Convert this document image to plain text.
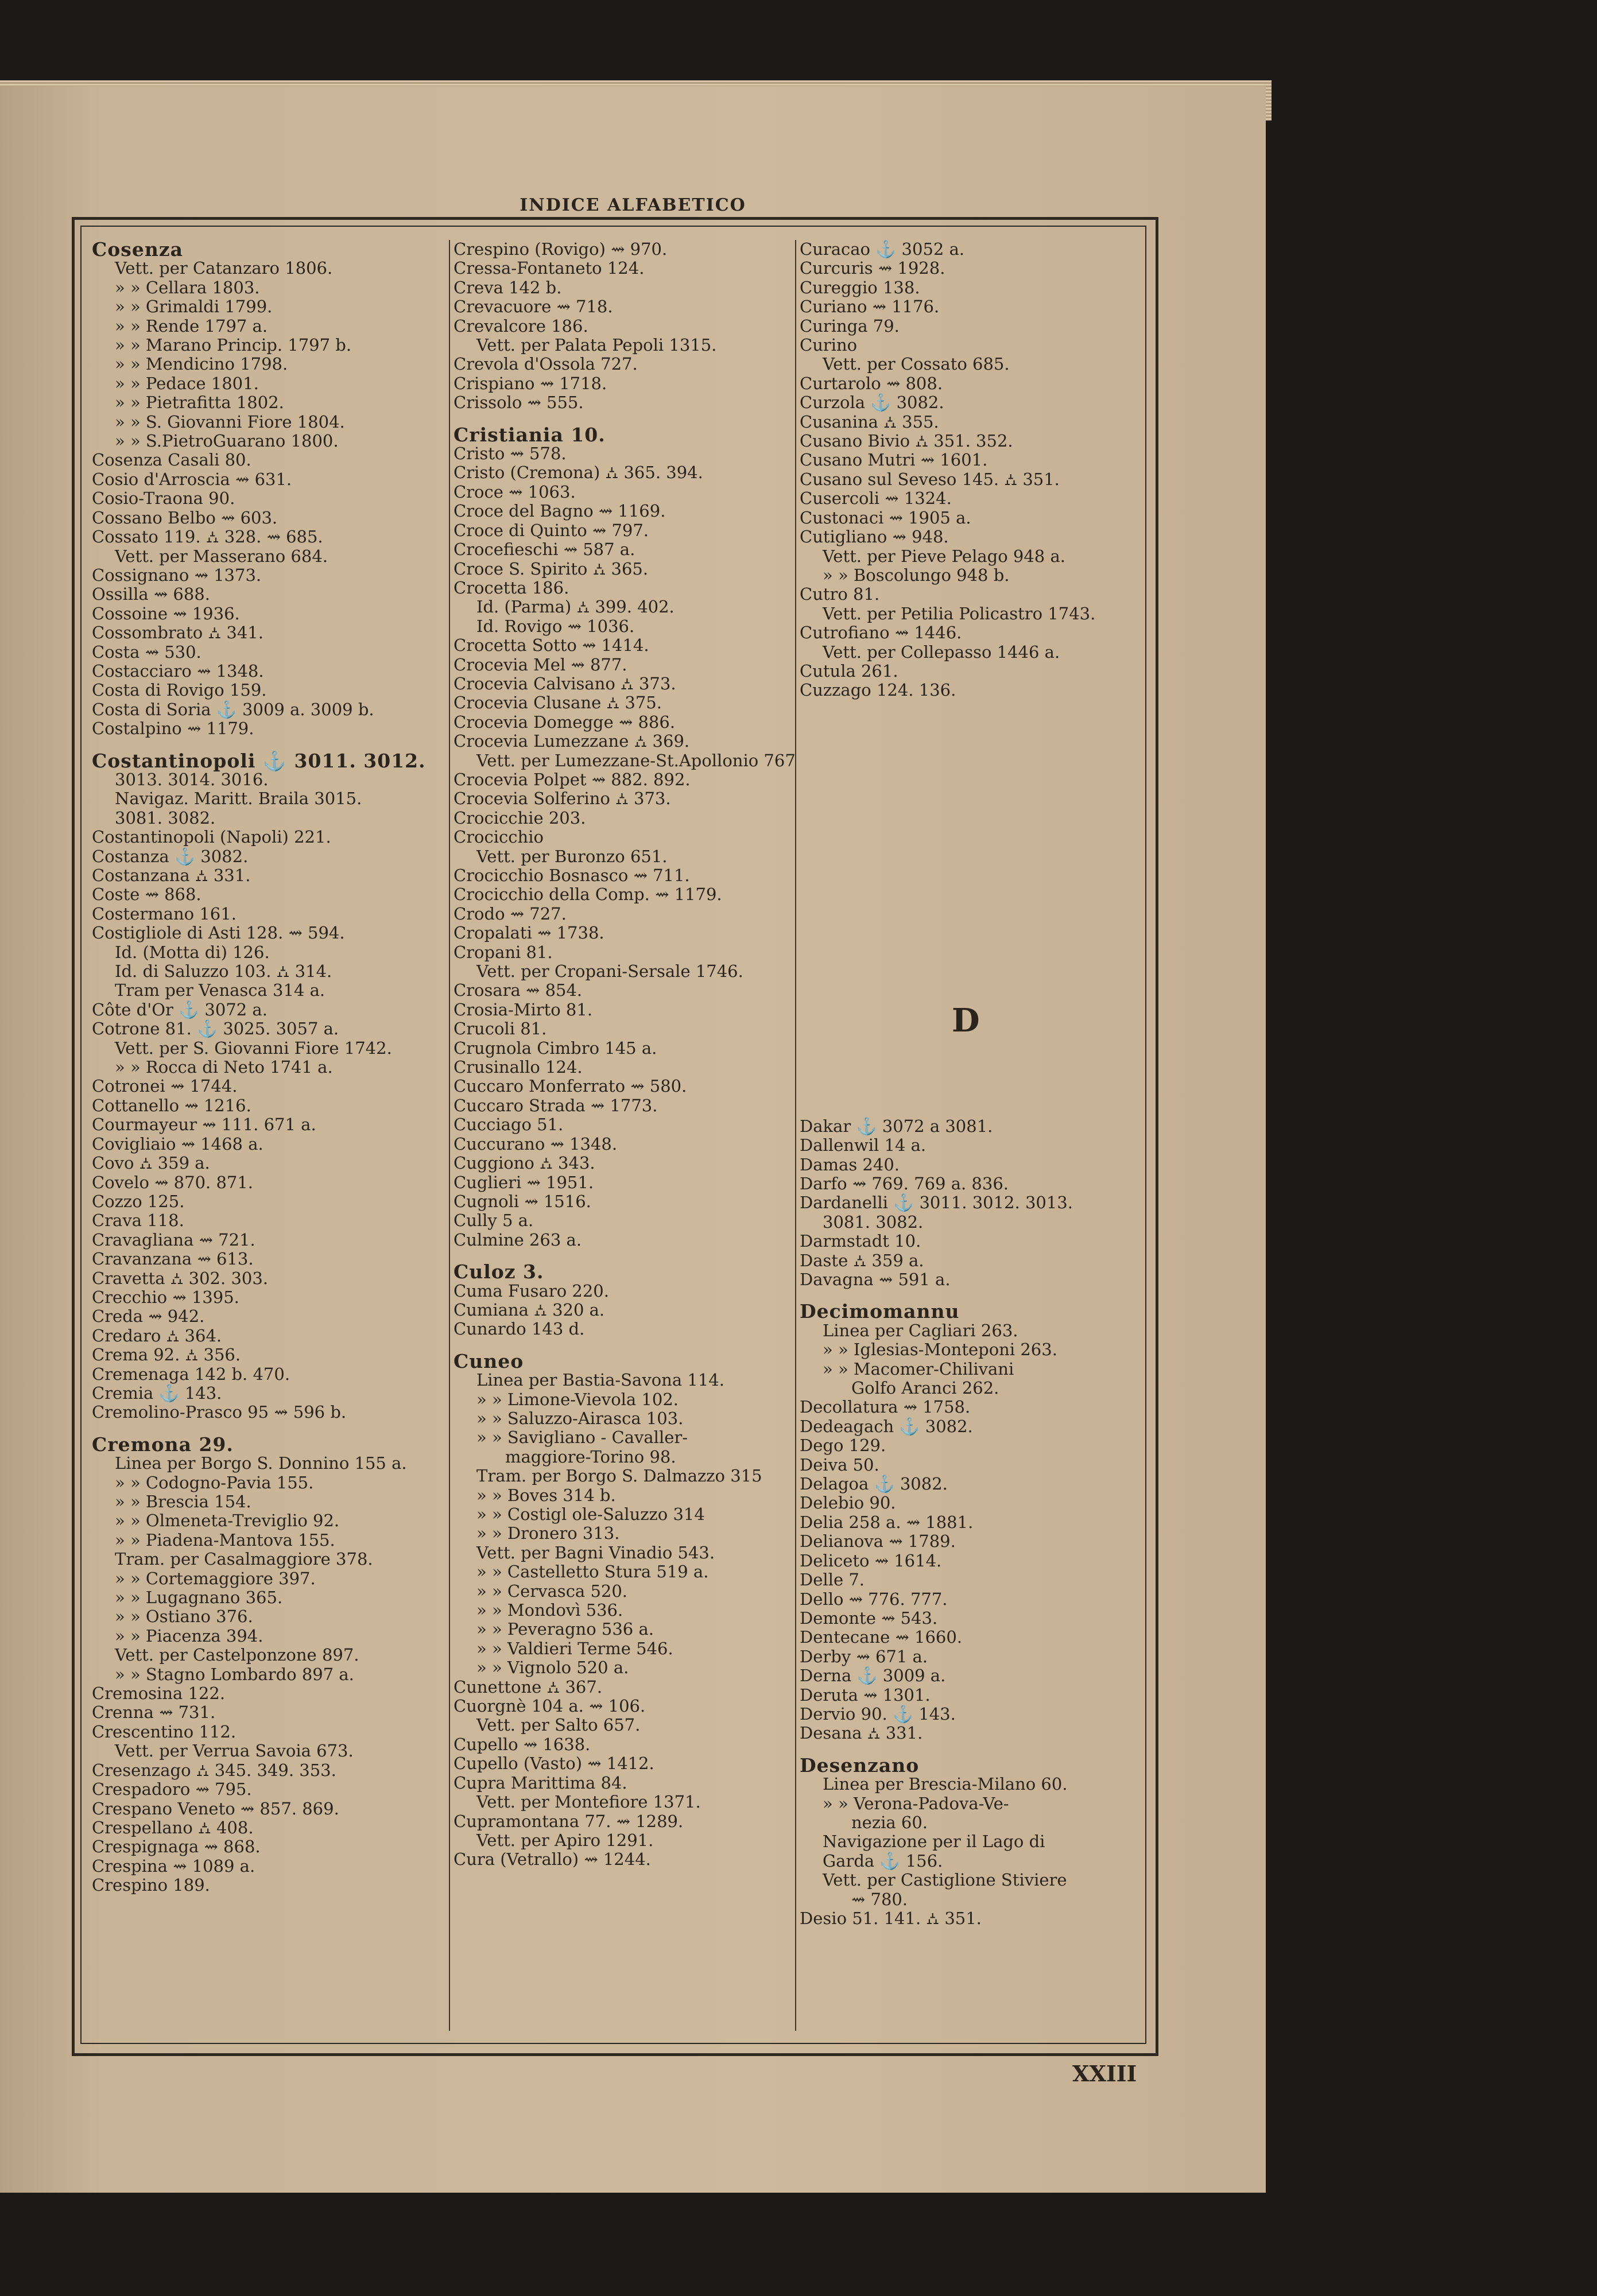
INDICE ALFABETICO
Cosenza
Vett. per Catanzaro 1806.
» » Cellara 1803.
» » Grimaldi 1799.
» » Rende 1797 a.
» » Marano Princip. 1797 b.
» » Mendicino 1798.
» » Pedace 1801.
» » Pietrafitta 1802.
» » S. Giovanni Fiore 1804.
» » S.PietroGuarano 1800.
Cosenza Casali 80.
Cosio d'Arroscia ⇝ 631.
Cosio-Traona 90.
Cossano Belbo ⇝ 603.
Cossato 119. ⛼ 328. ⇝ 685.
Vett. per Masserano 684.
Cossignano ⇝ 1373.
Ossilla ⇝ 688.
Cossoine ⇝ 1936.
Cossombrato ⛼ 341.
Costa ⇝ 530.
Costacciaro ⇝ 1348.
Costa di Rovigo 159.
Costa di Soria ⚓ 3009 a. 3009 b.
Costalpino ⇝ 1179.
Costantinopoli ⚓ 3011. 3012.
3013. 3014. 3016.
Navigaz. Maritt. Braila 3015.
3081. 3082.
Costantinopoli (Napoli) 221.
Costanza ⚓ 3082.
Costanzana ⛼ 331.
Coste ⇝ 868.
Costermano 161.
Costigliole di Asti 128. ⇝ 594.
Id. (Motta di) 126.
Id. di Saluzzo 103. ⛼ 314.
Tram per Venasca 314 a.
Côte d'Or ⚓ 3072 a.
Cotrone 81. ⚓ 3025. 3057 a.
Vett. per S. Giovanni Fiore 1742.
» » Rocca di Neto 1741 a.
Cotronei ⇝ 1744.
Cottanello ⇝ 1216.
Courmayeur ⇝ 111. 671 a.
Covigliaio ⇝ 1468 a.
Covo ⛼ 359 a.
Covelo ⇝ 870. 871.
Cozzo 125.
Crava 118.
Cravagliana ⇝ 721.
Cravanzana ⇝ 613.
Cravetta ⛼ 302. 303.
Crecchio ⇝ 1395.
Creda ⇝ 942.
Credaro ⛼ 364.
Crema 92. ⛼ 356.
Cremenaga 142 b. 470.
Cremia ⚓ 143.
Cremolino-Prasco 95 ⇝ 596 b.
Cremona 29.
Linea per Borgo S. Donnino 155 a.
» » Codogno-Pavia 155.
» » Brescia 154.
» » Olmeneta-Treviglio 92.
» » Piadena-Mantova 155.
Tram. per Casalmaggiore 378.
» » Cortemaggiore 397.
» » Lugagnano 365.
» » Ostiano 376.
» » Piacenza 394.
Vett. per Castelponzone 897.
» » Stagno Lombardo 897 a.
Cremosina 122.
Crenna ⇝ 731.
Crescentino 112.
Vett. per Verrua Savoia 673.
Cresenzago ⛼ 345. 349. 353.
Crespadoro ⇝ 795.
Crespano Veneto ⇝ 857. 869.
Crespellano ⛼ 408.
Crespignaga ⇝ 868.
Crespina ⇝ 1089 a.
Crespino 189.
Crespino (Rovigo) ⇝ 970.
Cressa-Fontaneto 124.
Creva 142 b.
Crevacuore ⇝ 718.
Crevalcore 186.
Vett. per Palata Pepoli 1315.
Crevola d'Ossola 727.
Crispiano ⇝ 1718.
Crissolo ⇝ 555.
Cristiania 10.
Cristo ⇝ 578.
Cristo (Cremona) ⛼ 365. 394.
Croce ⇝ 1063.
Croce del Bagno ⇝ 1169.
Croce di Quinto ⇝ 797.
Crocefieschi ⇝ 587 a.
Croce S. Spirito ⛼ 365.
Crocetta 186.
Id. (Parma) ⛼ 399. 402.
Id. Rovigo ⇝ 1036.
Crocetta Sotto ⇝ 1414.
Crocevia Mel ⇝ 877.
Crocevia Calvisano ⛼ 373.
Crocevia Clusane ⛼ 375.
Crocevia Domegge ⇝ 886.
Crocevia Lumezzane ⛼ 369.
Vett. per Lumezzane-St.Apollonio 767
Crocevia Polpet ⇝ 882. 892.
Crocevia Solferino ⛼ 373.
Crocicchie 203.
Crocicchio
Vett. per Buronzo 651.
Crocicchio Bosnasco ⇝ 711.
Crocicchio della Comp. ⇝ 1179.
Crodo ⇝ 727.
Cropalati ⇝ 1738.
Cropani 81.
Vett. per Cropani-Sersale 1746.
Crosara ⇝ 854.
Crosia-Mirto 81.
Crucoli 81.
Crugnola Cimbro 145 a.
Crusinallo 124.
Cuccaro Monferrato ⇝ 580.
Cuccaro Strada ⇝ 1773.
Cucciago 51.
Cuccurano ⇝ 1348.
Cuggiono ⛼ 343.
Cuglieri ⇝ 1951.
Cugnoli ⇝ 1516.
Cully 5 a.
Culmine 263 a.
Culoz 3.
Cuma Fusaro 220.
Cumiana ⛼ 320 a.
Cunardo 143 d.
Cuneo
Linea per Bastia-Savona 114.
» » Limone-Vievola 102.
» » Saluzzo-Airasca 103.
» » Savigliano - Cavaller-
maggiore-Torino 98.
Tram. per Borgo S. Dalmazzo 315
» » Boves 314 b.
» » Costigl ole-Saluzzo 314
» » Dronero 313.
Vett. per Bagni Vinadio 543.
» » Castelletto Stura 519 a.
» » Cervasca 520.
» » Mondovì 536.
» » Peveragno 536 a.
» » Valdieri Terme 546.
» » Vignolo 520 a.
Cunettone ⛼ 367.
Cuorgnè 104 a. ⇝ 106.
Vett. per Salto 657.
Cupello ⇝ 1638.
Cupello (Vasto) ⇝ 1412.
Cupra Marittima 84.
Vett. per Montefiore 1371.
Cupramontana 77. ⇝ 1289.
Vett. per Apiro 1291.
Cura (Vetrallo) ⇝ 1244.
Curacao ⚓ 3052 a.
Curcuris ⇝ 1928.
Cureggio 138.
Curiano ⇝ 1176.
Curinga 79.
Curino
Vett. per Cossato 685.
Curtarolo ⇝ 808.
Curzola ⚓ 3082.
Cusanina ⛼ 355.
Cusano Bivio ⛼ 351. 352.
Cusano Mutri ⇝ 1601.
Cusano sul Seveso 145. ⛼ 351.
Cusercoli ⇝ 1324.
Custonaci ⇝ 1905 a.
Cutigliano ⇝ 948.
Vett. per Pieve Pelago 948 a.
» » Boscolungo 948 b.
Cutro 81.
Vett. per Petilia Policastro 1743.
Cutrofiano ⇝ 1446.
Vett. per Collepasso 1446 a.
Cutula 261.
Cuzzago 124. 136.
Dakar ⚓ 3072 a 3081.
Dallenwil 14 a.
Damas 240.
Darfo ⇝ 769. 769 a. 836.
Dardanelli ⚓ 3011. 3012. 3013.
3081. 3082.
Darmstadt 10.
Daste ⛼ 359 a.
Davagna ⇝ 591 a.
Decimomannu
Linea per Cagliari 263.
» » Iglesias-Monteponi 263.
» » Macomer-Chilivani
Golfo Aranci 262.
Decollatura ⇝ 1758.
Dedeagach ⚓ 3082.
Dego 129.
Deiva 50.
Delagoa ⚓ 3082.
Delebio 90.
Delia 258 a. ⇝ 1881.
Delianova ⇝ 1789.
Deliceto ⇝ 1614.
Delle 7.
Dello ⇝ 776. 777.
Demonte ⇝ 543.
Dentecane ⇝ 1660.
Derby ⇝ 671 a.
Derna ⚓ 3009 a.
Deruta ⇝ 1301.
Dervio 90. ⚓ 143.
Desana ⛼ 331.
Desenzano
Linea per Brescia-Milano 60.
» » Verona-Padova-Ve-
nezia 60.
Navigazione per il Lago di
Garda ⚓ 156.
Vett. per Castiglione Stiviere
⇝ 780.
Desio 51. 141. ⛼ 351.
D
XXIII
